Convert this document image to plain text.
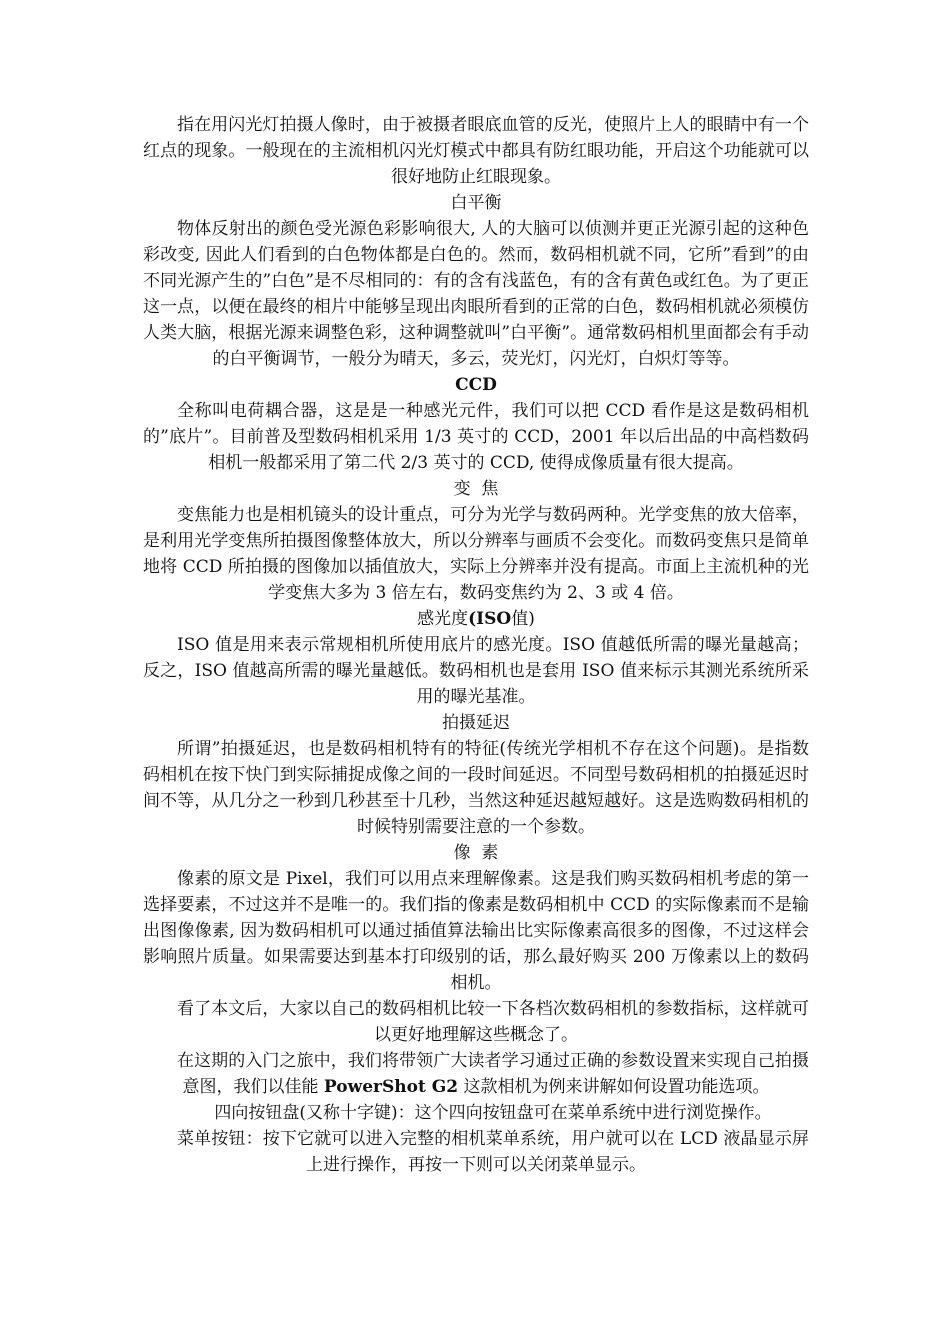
指在用闪光灯拍摄人像时，由于被摄者眼底血管的反光，使照片上人的眼睛中有一个红点的现象。一般现在的主流相机闪光灯模式中都具有防红眼功能，开启这个功能就可以很好地防止红眼现象。

白平衡

物体反射出的颜色受光源色彩影响很大, 人的大脑可以侦测并更正光源引起的这种色彩改变, 因此人们看到的白色物体都是白色的。然而，数码相机就不同，它所”看到”的由不同光源产生的”白色”是不尽相同的：有的含有浅蓝色，有的含有黄色或红色。为了更正这一点，以便在最终的相片中能够呈现出肉眼所看到的正常的白色，数码相机就必须模仿人类大脑，根据光源来调整色彩，这种调整就叫”白平衡”。通常数码相机里面都会有手动的白平衡调节，一般分为晴天，多云，荧光灯，闪光灯，白炽灯等等。

CCD

全称叫电荷耦合器，这是是一种感光元件，我们可以把 CCD 看作是这是数码相机的”底片”。目前普及型数码相机采用 1/3 英寸的 CCD，2001 年以后出品的中高档数码相机一般都采用了第二代 2/3 英寸的 CCD, 使得成像质量有很大提高。

变  焦

变焦能力也是相机镜头的设计重点，可分为光学与数码两种。光学变焦的放大倍率，是利用光学变焦所拍摄图像整体放大，所以分辨率与画质不会变化。而数码变焦只是简单地将 CCD 所拍摄的图像加以插值放大，实际上分辨率并没有提高。市面上主流机种的光学变焦大多为 3 倍左右，数码变焦约为 2、3 或 4 倍。

感光度(ISO值)

ISO 值是用来表示常规相机所使用底片的感光度。ISO 值越低所需的曝光量越高；反之，ISO 值越高所需的曝光量越低。数码相机也是套用 ISO 值来标示其测光系统所采用的曝光基准。

拍摄延迟

所谓”拍摄延迟，也是数码相机特有的特征(传统光学相机不存在这个问题)。是指数码相机在按下快门到实际捕捉成像之间的一段时间延迟。不同型号数码相机的拍摄延迟时间不等，从几分之一秒到几秒甚至十几秒，当然这种延迟越短越好。这是选购数码相机的时候特别需要注意的一个参数。

像  素

像素的原文是 Pixel，我们可以用点来理解像素。这是我们购买数码相机考虑的第一选择要素，不过这并不是唯一的。我们指的像素是数码相机中 CCD 的实际像素而不是输出图像像素, 因为数码相机可以通过插值算法输出比实际像素高很多的图像，不过这样会影响照片质量。如果需要达到基本打印级别的话，那么最好购买 200 万像素以上的数码相机。

看了本文后，大家以自己的数码相机比较一下各档次数码相机的参数指标，这样就可以更好地理解这些概念了。

在这期的入门之旅中，我们将带领广大读者学习通过正确的参数设置来实现自己拍摄意图，我们以佳能 PowerShot G2 这款相机为例来讲解如何设置功能选项。

四向按钮盘(又称十字键)：这个四向按钮盘可在菜单系统中进行浏览操作。

菜单按钮：按下它就可以进入完整的相机菜单系统，用户就可以在 LCD 液晶显示屏上进行操作，再按一下则可以关闭菜单显示。
